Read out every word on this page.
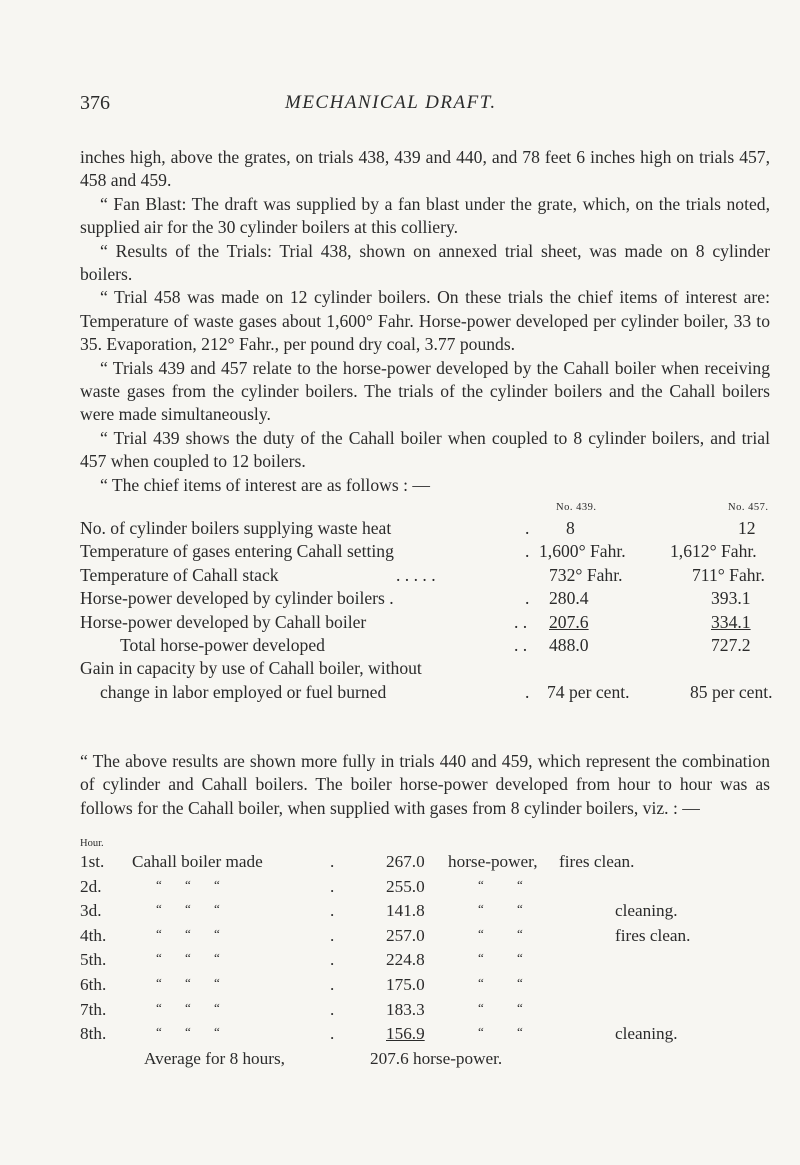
376	MECHANICAL DRAFT.

inches high, above the grates, on trials 438, 439 and 440, and 78 feet 6 inches high on trials 457, 458 and 459.

“ Fan Blast: The draft was supplied by a fan blast under the grate, which, on the trials noted, supplied air for the 30 cylinder boilers at this colliery.

“ Results of the Trials: Trial 438, shown on annexed trial sheet, was made on 8 cylinder boilers.

“ Trial 458 was made on 12 cylinder boilers. On these trials the chief items of interest are: Temperature of waste gases about 1,600° Fahr. Horse-power developed per cylinder boiler, 33 to 35. Evaporation, 212° Fahr., per pound dry coal, 3.77 pounds.

“ Trials 439 and 457 relate to the horse-power developed by the Cahall boiler when receiving waste gases from the cylinder boilers. The trials of the cylinder boilers and the Cahall boilers were made simultaneously.

“ Trial 439 shows the duty of the Cahall boiler when coupled to 8 cylinder boilers, and trial 457 when coupled to 12 boilers.

“ The chief items of interest are as follows : —

No. 439.	No. 457.
No. of cylinder boilers supplying waste heat	. 8	12
Temperature of gases entering Cahall setting	. 1,600° Fahr.	1,612° Fahr.
Temperature of Cahall stack	. . . . .	732° Fahr.	711° Fahr.
Horse-power developed by cylinder boilers .	. 280.4	393.1
Horse-power developed by Cahall boiler	. . 207.6	334.1
Total horse-power developed	. . 488.0	727.2
Gain in capacity by use of Cahall boiler, without
change in labor employed or fuel burned	. 74 per cent.	85 per cent.

“ The above results are shown more fully in trials 440 and 459, which represent the combination of cylinder and Cahall boilers. The boiler horse-power developed from hour to hour was as follows for the Cahall boiler, when supplied with gases from 8 cylinder boilers, viz. : —

Hour.
1st. Cahall boiler made	.	267.0 horse-power, fires clean.
2d.	“ “ “	.	255.0	“ “
3d.	“ “ “	.	141.8	“ “	cleaning.
4th.	“ “ “	.	257.0	“ “	fires clean.
5th.	“ “ “	.	224.8	“ “
6th.	“ “ “	.	175.0	“ “
7th.	“ “ “	.	183.3	“ “
8th.	“ “ “	.	156.9	“ “	cleaning.
Average for 8 hours,	207.6 horse-power.
